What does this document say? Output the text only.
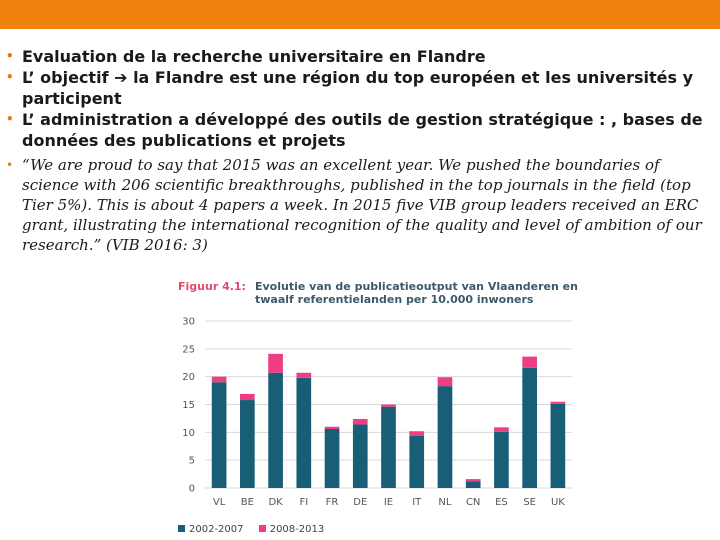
• Evaluation de la recherche universitaire en Flandre
• L’ objectif ➔ la Flandre est une région du top européen et les universités y participent
• L’ administration a développé des outils de gestion stratégique : , bases de données des publications et projets
• “We are proud to say that 2015 was an excellent year. We pushed the boundaries of science with 206 scientific breakthroughs, published in the top journals in the field (top Tier 5%). This is about 4 papers a week. In 2015 five VIB group leaders received an ERC grant, illustrating the international recognition of the quality and level of ambition of our research.” (VIB 2016: 3)
0
5
10
15
20
25
30
VL BE DK FI FR DE IE IT NL CN ES SE UK
Figuur 4.1: Evolutie van de publicatieoutput van Vlaanderen en twaalf referentielanden per 10.000 inwoners
2002-2007	2008-2013
